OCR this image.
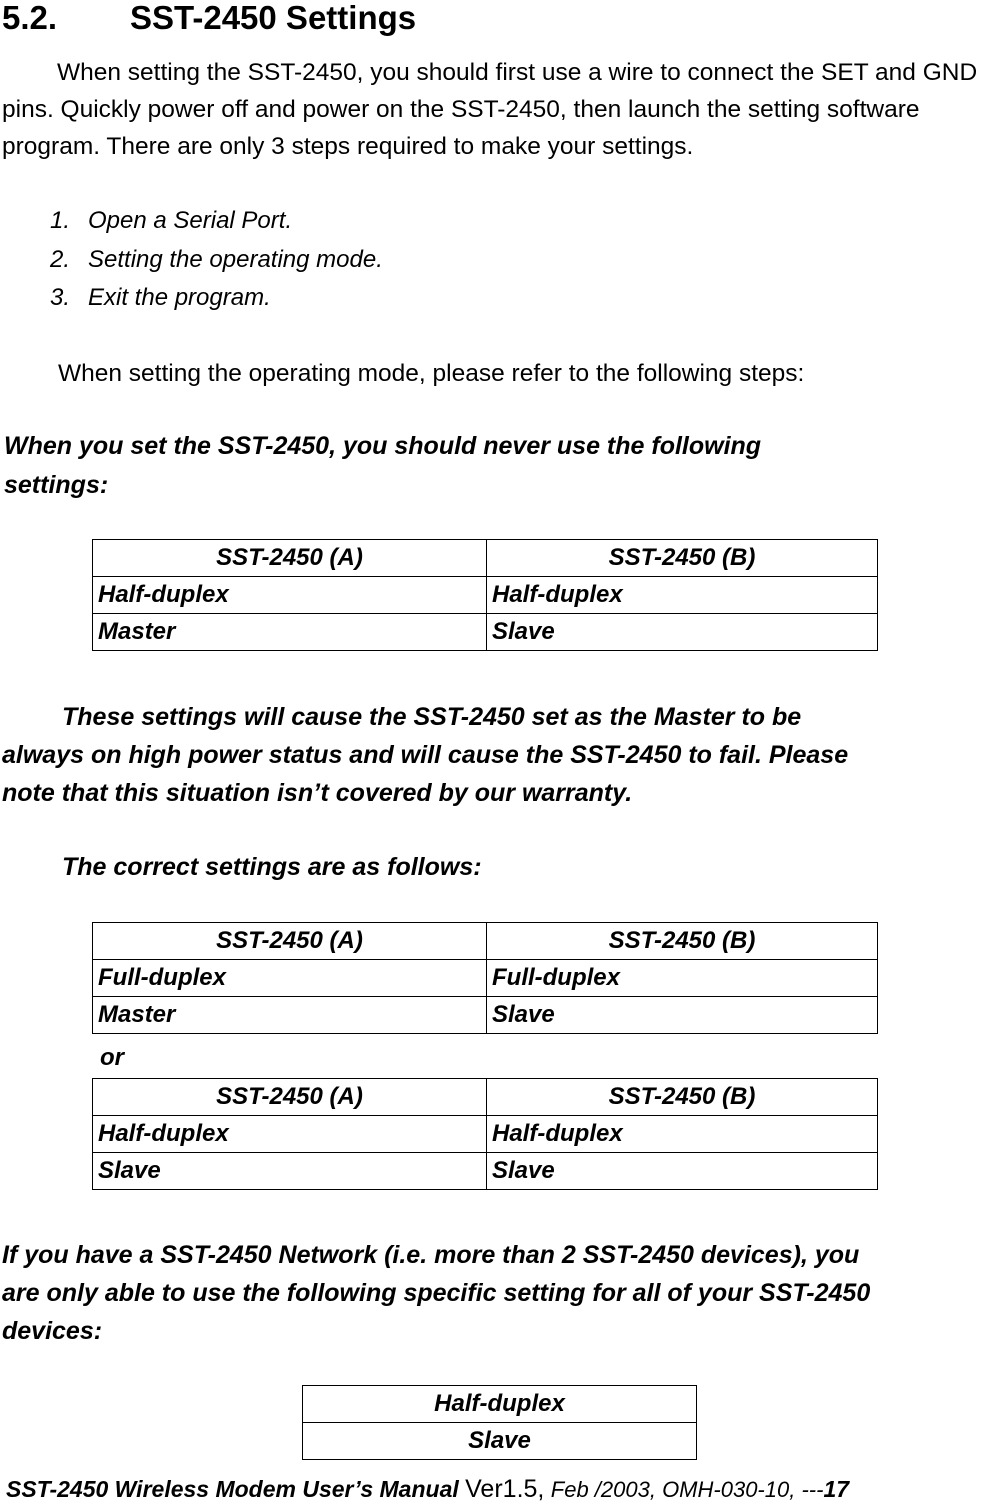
5.2. SST-2450 Settings
When setting the SST-2450, you should first use a wire to connect the SET and GND pins. Quickly power off and power on the SST-2450, then launch the setting software program. There are only 3 steps required to make your settings.
1. Open a Serial Port.
2. Setting the operating mode.
3. Exit the program.
When setting the operating mode, please refer to the following steps:
When you set the SST-2450, you should never use the following
settings:
SST-2450 (A)	SST-2450 (B)
Half-duplex	Half-duplex
Master	Slave
These settings will cause the SST-2450 set as the Master to be
always on high power status and will cause the SST-2450 to fail. Please
note that this situation isn’t covered by our warranty.
The correct settings are as follows:
SST-2450 (A)	SST-2450 (B)
Full-duplex	Full-duplex
Master	Slave
or
SST-2450 (A)	SST-2450 (B)
Half-duplex	Half-duplex
Slave	Slave
If you have a SST-2450 Network (i.e. more than 2 SST-2450 devices), you
are only able to use the following specific setting for all of your SST-2450
devices:
Half-duplex
Slave
SST-2450 Wireless Modem User’s Manual Ver1.5, Feb /2003, OMH-030-10, ---17
